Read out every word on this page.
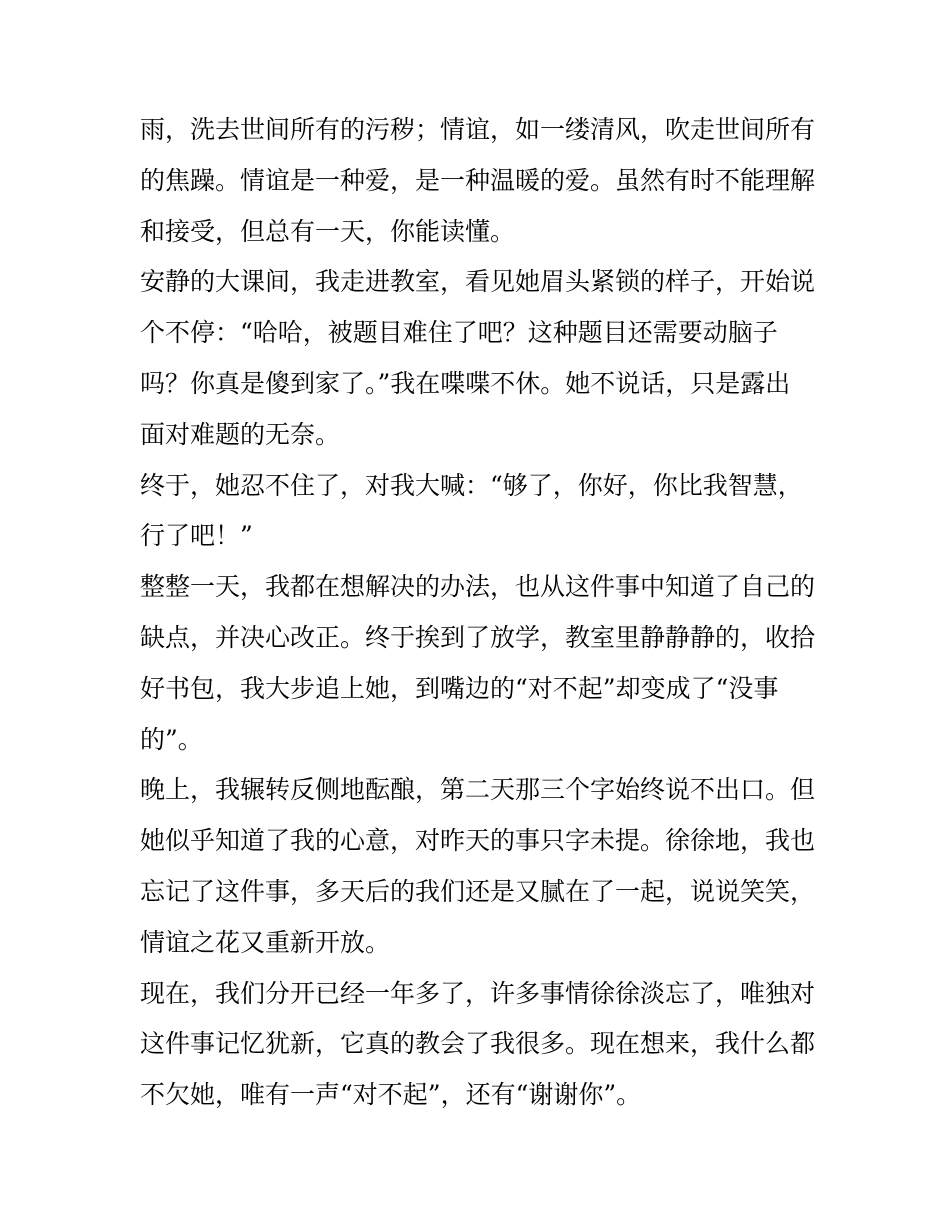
雨，洗去世间所有的污秽；情谊，如一缕清风，吹走世间所有
的焦躁。情谊是一种爱，是一种温暖的爱。虽然有时不能理解
和接受，但总有一天，你能读懂。
安静的大课间，我走进教室，看见她眉头紧锁的样子，开始说
个不停：“哈哈，被题目难住了吧？这种题目还需要动脑子
吗？你真是傻到家了。”我在喋喋不休。她不说话，只是露出
面对难题的无奈。
终于，她忍不住了，对我大喊：“够了，你好，你比我智慧，
行了吧！”
整整一天，我都在想解决的办法，也从这件事中知道了自己的
缺点，并决心改正。终于挨到了放学，教室里静静静的，收拾
好书包，我大步追上她，到嘴边的“对不起”却变成了“没事
的”。
晚上，我辗转反侧地酝酿，第二天那三个字始终说不出口。但
她似乎知道了我的心意，对昨天的事只字未提。徐徐地，我也
忘记了这件事，多天后的我们还是又腻在了一起，说说笑笑，
情谊之花又重新开放。
现在，我们分开已经一年多了，许多事情徐徐淡忘了，唯独对
这件事记忆犹新，它真的教会了我很多。现在想来，我什么都
不欠她，唯有一声“对不起”，还有“谢谢你”。
